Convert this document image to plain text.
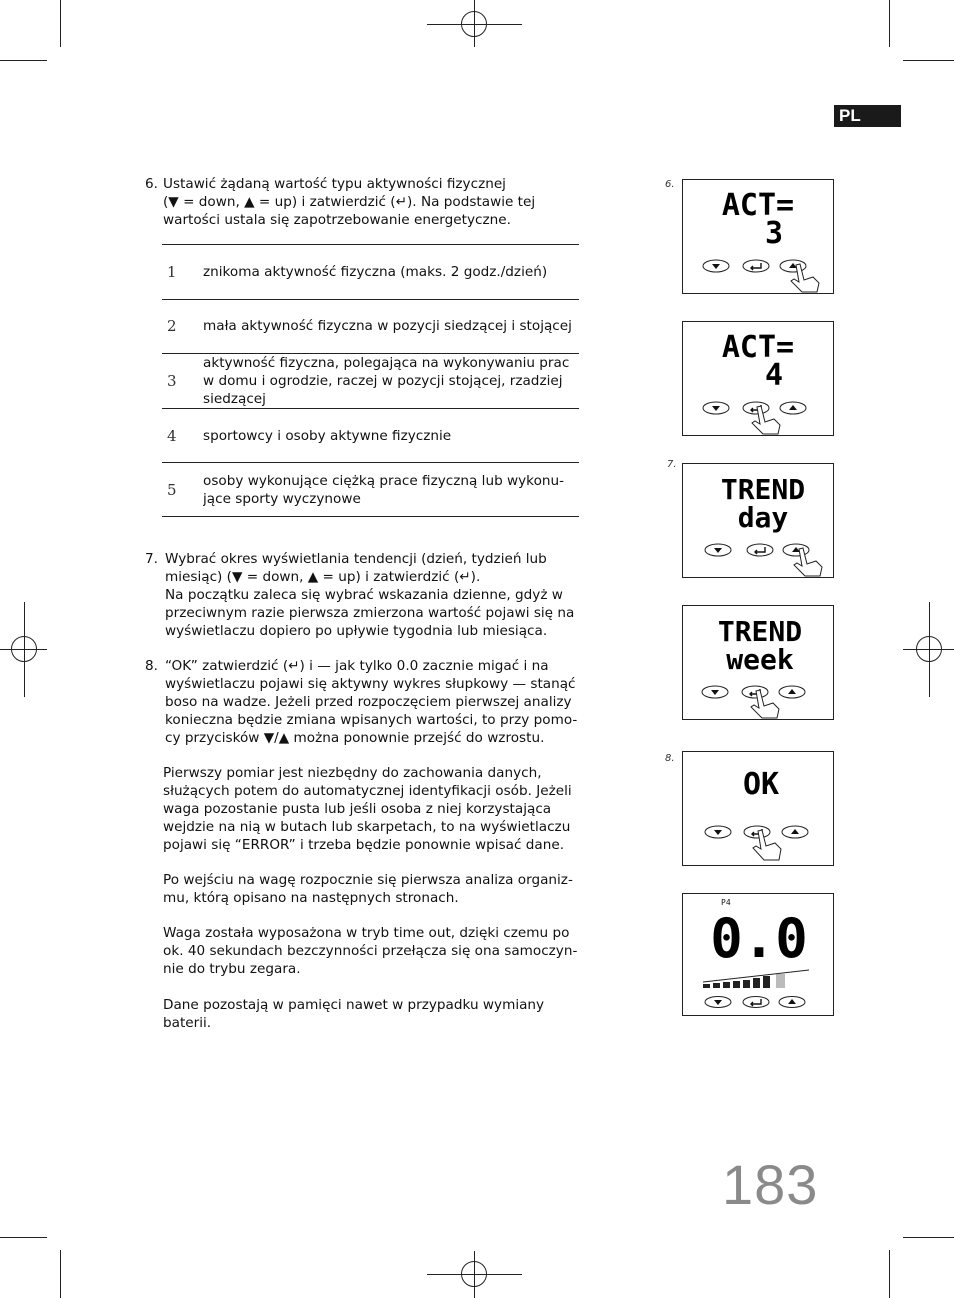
PL
6. Ustawić żądaną wartość typu aktywności fizycznej
(▼ = down, ▲ = up) i zatwierdzić (↵). Na podstawie tej
wartości ustala się zapotrzebowanie energetyczne.
1 znikoma aktywność fizyczna (maks. 2 godz./dzień)
2 mała aktywność fizyczna w pozycji siedzącej i stojącej
3
aktywność fizyczna, polegająca na wykonywaniu prac
w domu i ogrodzie, raczej w pozycji stojącej, rzadziej
siedzącej
4 sportowcy i osoby aktywne fizycznie
5 osoby wykonujące ciężką prace fizyczną lub wykonu-
jące sporty wyczynowe
7. Wybrać okres wyświetlania tendencji (dzień, tydzień lub
miesiąc) (▼ = down, ▲ = up) i zatwierdzić (↵).
Na początku zaleca się wybrać wskazania dzienne, gdyż w
przeciwnym razie pierwsza zmierzona wartość pojawi się na
wyświetlaczu dopiero po upływie tygodnia lub miesiąca.
8. “OK” zatwierdzić (↵) i — jak tylko 0.0 zacznie migać i na
wyświetlaczu pojawi się aktywny wykres słupkowy — stanąć
boso na wadze. Jeżeli przed rozpoczęciem pierwszej analizy
konieczna będzie zmiana wpisanych wartości, to przy pomo-
cy przycisków ▼/▲ można ponownie przejść do wzrostu.
Pierwszy pomiar jest niezbędny do zachowania danych,
służących potem do automatycznej identyfikacji osób. Jeżeli
waga pozostanie pusta lub jeśli osoba z niej korzystająca
wejdzie na nią w butach lub skarpetach, to na wyświetlaczu
pojawi się “ERROR” i trzeba będzie ponownie wpisać dane.
Po wejściu na wagę rozpocznie się pierwsza analiza organiz-
mu, którą opisano na następnych stronach.
Waga została wyposażona w tryb time out, dzięki czemu po
ok. 40 sekundach bezczynności przełącza się ona samoczyn-
nie do trybu zegara.
Dane pozostają w pamięci nawet w przypadku wymiany
baterii.
6.
7.
8.
ACT=
3
ACT=
4
TREND
day
TREND
week
OK
P4
0.0
183
